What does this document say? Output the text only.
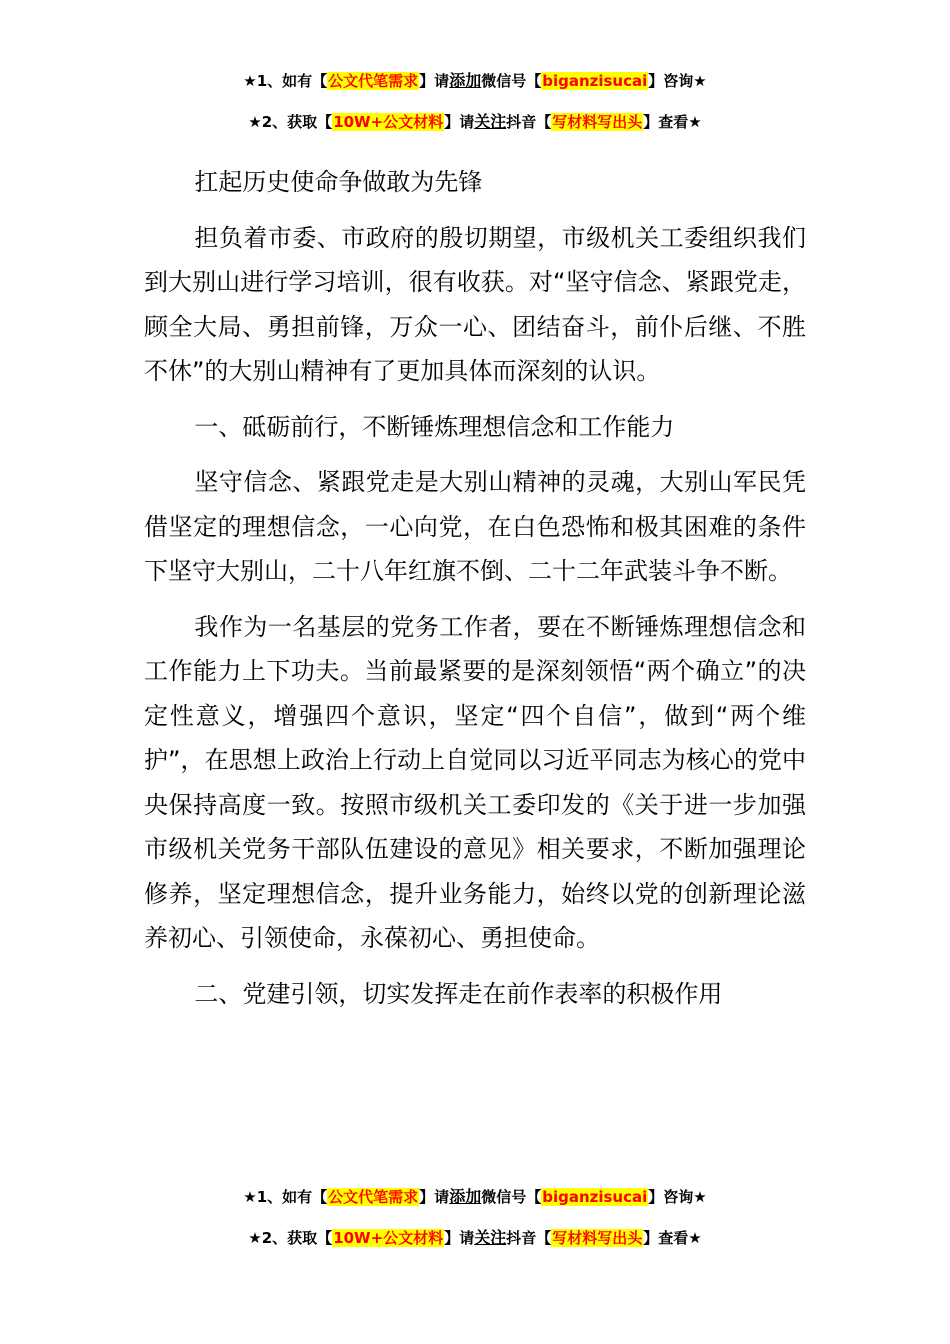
★1、如有【公文代笔需求】请添加微信号【biganzisucai】咨询★
★2、获取【10W+公文材料】请关注抖音【写材料写出头】查看★

扛起历史使命争做敢为先锋

担负着市委、市政府的殷切期望，市级机关工委组织我们到大别山进行学习培训，很有收获。对“坚守信念、紧跟党走，顾全大局、勇担前锋，万众一心、团结奋斗，前仆后继、不胜不休”的大别山精神有了更加具体而深刻的认识。

一、砥砺前行，不断锤炼理想信念和工作能力

坚守信念、紧跟党走是大别山精神的灵魂，大别山军民凭借坚定的理想信念，一心向党，在白色恐怖和极其困难的条件下坚守大别山，二十八年红旗不倒、二十二年武装斗争不断。

我作为一名基层的党务工作者，要在不断锤炼理想信念和工作能力上下功夫。当前最紧要的是深刻领悟“两个确立”的决定性意义，增强四个意识，坚定“四个自信”，做到“两个维护”，在思想上政治上行动上自觉同以习近平同志为核心的党中央保持高度一致。按照市级机关工委印发的《关于进一步加强市级机关党务干部队伍建设的意见》相关要求，不断加强理论修养，坚定理想信念，提升业务能力，始终以党的创新理论滋养初心、引领使命，永葆初心、勇担使命。

二、党建引领，切实发挥走在前作表率的积极作用

★1、如有【公文代笔需求】请添加微信号【biganzisucai】咨询★
★2、获取【10W+公文材料】请关注抖音【写材料写出头】查看★
